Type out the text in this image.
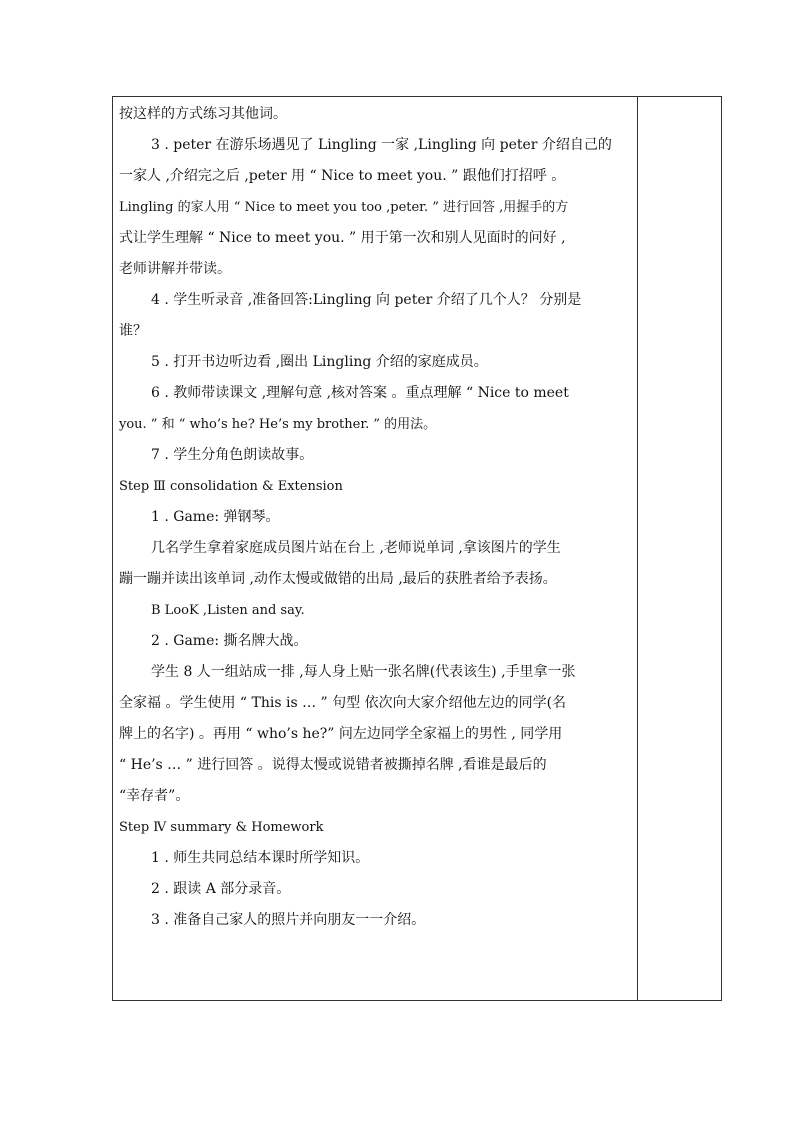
按这样的方式练习其他词。
3 . peter 在游乐场遇见了 Lingling 一家 ,Lingling 向 peter 介绍自己的
一家人 ,介绍完之后 ,peter 用 “ Nice to meet you. ” 跟他们打招呼 。
Lingling 的家人用 “ Nice to meet you too ,peter. ” 进行回答 ,用握手的方
式让学生理解 “ Nice to meet you. ” 用于第一次和别人见面时的问好 ,
老师讲解并带读。
4 . 学生听录音 ,准备回答:Lingling 向 peter 介绍了几个人？ 分别是
谁？
5 . 打开书边听边看 ,圈出 Lingling 介绍的家庭成员。
6 . 教师带读课文 ,理解句意 ,核对答案 。重点理解 “ Nice to meet
you. ” 和 “ who’s he? He’s my brother. ” 的用法。
7 . 学生分角色朗读故事。
Step Ⅲ consolidation & Extension
1 . Game: 弹钢琴。
几名学生拿着家庭成员图片站在台上 ,老师说单词 ,拿该图片的学生
蹦一蹦并读出该单词 ,动作太慢或做错的出局 ,最后的获胜者给予表扬。
B LooK ,Listen and say.
2 . Game: 撕名牌大战。
学生 8 人一组站成一排 ,每人身上贴一张名牌(代表该生) ,手里拿一张
全家福 。学生使用 “ This is … ” 句型 依次向大家介绍他左边的同学(名
牌上的名字) 。再用 “ who’s he?” 问左边同学全家福上的男性 , 同学用
“ He’s … ” 进行回答 。说得太慢或说错者被撕掉名牌 ,看谁是最后的
“幸存者”。
Step Ⅳ summary & Homework
1 . 师生共同总结本课时所学知识。
2 . 跟读 A 部分录音。
3 . 准备自己家人的照片并向朋友一一介绍。
